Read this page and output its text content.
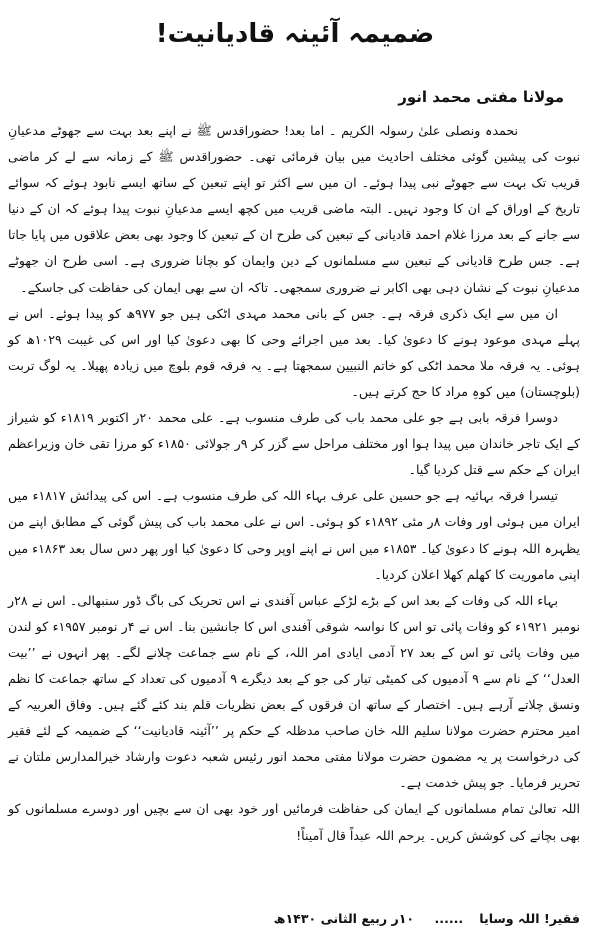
ضمیمہ آئینہ قادیانیت!
مولانا مفتی محمد انور

نحمدہ ونصلی علیٰ رسولہ الکریم ۔ اما بعد! حضوراقدس ﷺ نے اپنے بعد بہت سے جھوٹے مدعیانِ نبوت کی پیشین گوئی مختلف احادیث میں بیان فرمائی تھی۔ حضوراقدس ﷺ کے زمانہ سے لے کر ماضی قریب تک بہت سے جھوٹے نبی پیدا ہوئے۔ ان میں سے اکثر تو اپنے تبعین کے ساتھ ایسے نابود ہوئے کہ سوائے تاریخ کے اوراق کے ان کا وجود نہیں۔ البتہ ماضی قریب میں کچھ ایسے مدعیانِ نبوت پیدا ہوئے کہ ان کے دنیا سے جانے کے بعد مرزا غلام احمد قادیانی کے تبعین کی طرح ان کے تبعین کا وجود بھی بعض علاقوں میں پایا جاتا ہے۔ جس طرح قادیانی کے تبعین سے مسلمانوں کے دین وایمان کو بچانا ضروری ہے۔ اسی طرح ان جھوٹے مدعیانِ نبوت کے نشان دہی بھی اکابر نے ضروری سمجھی۔ تاکہ ان سے بھی ایمان کی حفاظت کی جاسکے۔

ان میں سے ایک ذکری فرقہ ہے۔ جس کے بانی محمد مہدی اٹکی ہیں جو ۹۷۷ھ کو پیدا ہوئے۔ اس نے پہلے مہدی موعود ہونے کا دعویٰ کیا۔ بعد میں اجرائے وحی کا بھی دعویٰ کیا اور اس کی غیبت ۱۰۲۹ھ کو ہوئی۔ یہ فرقہ ملا محمد اٹکی کو خاتم النبیین سمجھتا ہے۔ یہ فرقہ قوم بلوچ میں زیادہ پھیلا۔ یہ لوگ تربت (بلوچستان) میں کوہِ مراد کا حج کرتے ہیں۔

دوسرا فرقہ بابی ہے جو علی محمد باب کی طرف منسوب ہے۔ علی محمد ۲۰ر اکتوبر ۱۸۱۹ء کو شیراز کے ایک تاجر خاندان میں پیدا ہوا اور مختلف مراحل سے گزر کر ۹ر جولائی ۱۸۵۰ء کو مرزا تقی خان وزیراعظم ایران کے حکم سے قتل کردیا گیا۔

تیسرا فرقہ بہائیہ ہے جو حسین علی عرف بہاء اللہ کی طرف منسوب ہے۔ اس کی پیدائش ۱۸۱۷ء میں ایران میں ہوئی اور وفات ۸ر مئی ۱۸۹۲ء کو ہوئی۔ اس نے علی محمد باب کی پیش گوئی کے مطابق اپنے من یظہرہ اللہ ہونے کا دعویٰ کیا۔ ۱۸۵۳ء میں اس نے اپنے اوپر وحی کا دعویٰ کیا اور پھر دس سال بعد ۱۸۶۳ء میں اپنی ماموریت کا کھلم کھلا اعلان کردیا۔

بہاء اللہ کی وفات کے بعد اس کے بڑے لڑکے عباس آفندی نے اس تحریک کی باگ ڈور سنبھالی۔ اس نے ۲۸ر نومبر ۱۹۲۱ء کو وفات پائی تو اس کا نواسہ شوقی آفندی اس کا جانشین بنا۔ اس نے ۴ر نومبر ۱۹۵۷ء کو لندن میں وفات پائی تو اس کے بعد ۲۷ آدمی ایادی امر اللہ، کے نام سے جماعت چلانے لگے۔ پھر انہوں نے ’’بیت العدل‘‘ کے نام سے ۹ آدمیوں کی کمیٹی تیار کی جو کے بعد دیگرے ۹ آدمیوں کی تعداد کے ساتھ جماعت کا نظم ونسق چلاتے آرہے ہیں۔ اختصار کے ساتھ ان فرقوں کے بعض نظریات قلم بند کئے گئے ہیں۔ وفاق العربیہ کے امیر محترم حضرت مولانا سلیم اللہ خان صاحب مدظلہ کے حکم پر ’’آئینہ قادیانیت‘‘ کے ضمیمہ کے لئے فقیر کی درخواست پر یہ مضمون حضرت مولانا مفتی محمد انور رئیس شعبہ دعوت وارشاد خیرالمدارس ملتان نے تحریر فرمایا۔ جو پیش خدمت ہے۔

اللہ تعالیٰ تمام مسلمانوں کے ایمان کی حفاظت فرمائیں اور خود بھی ان سے بچیں اور دوسرے مسلمانوں کو بھی بچانے کی کوشش کریں۔ یرحم اللہ عبداً قال آمیناً!

فقیر! اللہ وسایا
...... ۱۰ر ربیع الثانی ۱۴۳۰ھ
